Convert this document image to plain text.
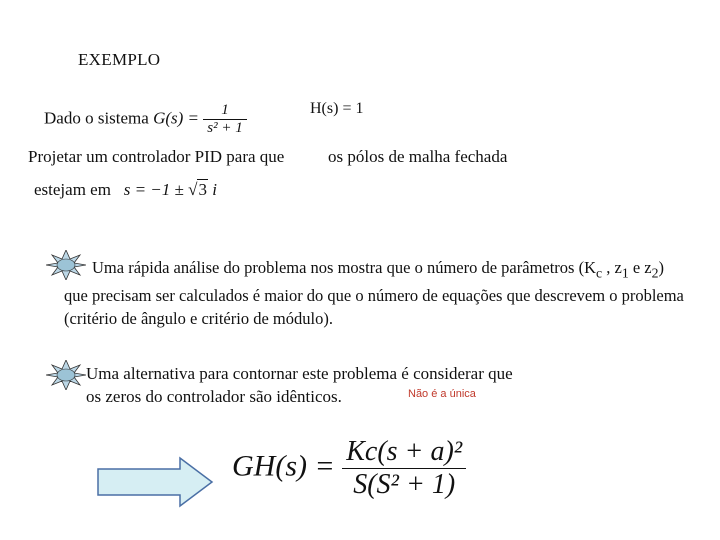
EXEMPLO
Dado o sistema $G(s) = \frac{1}{\text{s² + 1}}$	H(s) = 1
Projetar um controlador PID para que	os pólos de malha fechada
estejam em s = −1 ± √3 i
Uma rápida análise do problema nos mostra que o número de parâmetros ($K_c$ , $z_1$ e $z_2$)
que precisam ser calculados é maior do que o número de equações que descrevem o problema
(critério de ângulo e critério de módulo).
Uma alternativa para contornar este problema é considerar que
os zeros do controlador são idênticos.	Não é a única
$GH(s) = \frac{\text{Kc(s + a)²}}{\text{S(S² + 1)}}$
